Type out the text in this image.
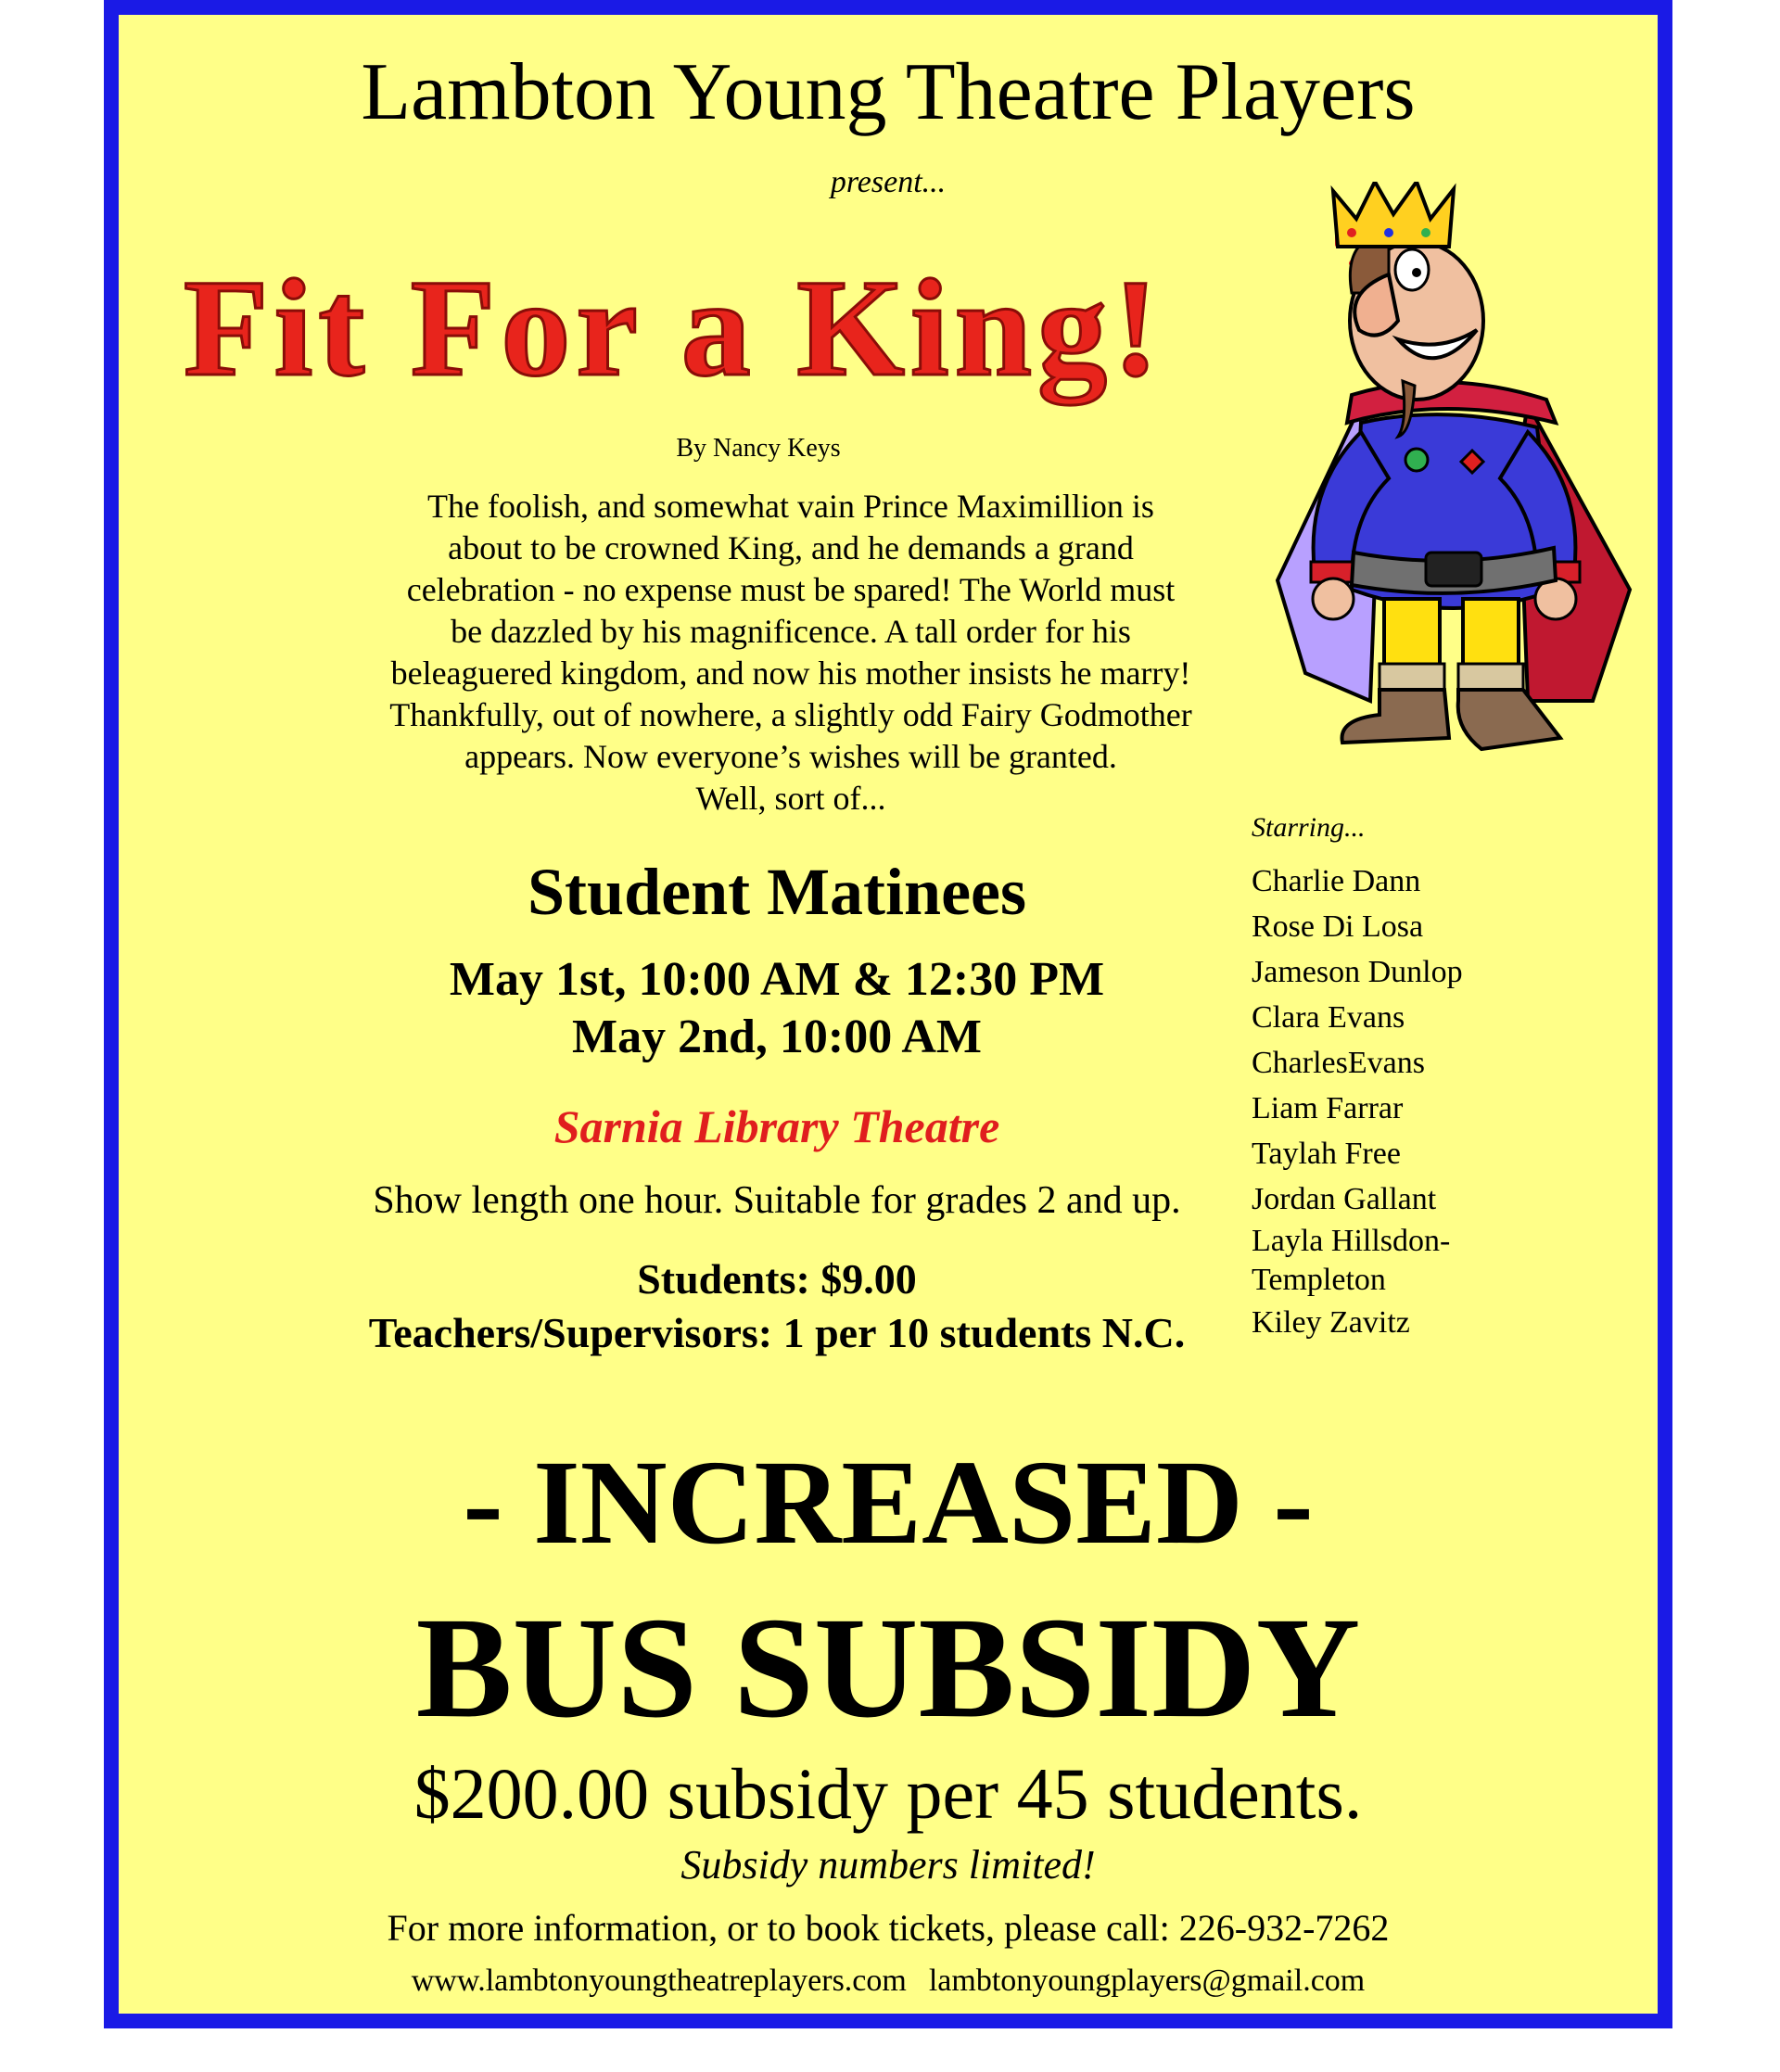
Lambton Young Theatre Players
present...
Fit For a King!
By Nancy Keys
The foolish, and somewhat vain Prince Maximillion is
about to be crowned King, and he demands a grand
celebration - no expense must be spared! The World must
be dazzled by his magnificence. A tall order for his
beleaguered kingdom, and now his mother insists he marry!
Thankfully, out of nowhere, a slightly odd Fairy Godmother
appears. Now everyone’s wishes will be granted.
Well, sort of...
Student Matinees
May 1st, 10:00 AM & 12:30 PM
May 2nd, 10:00 AM
Sarnia Library Theatre
Show length one hour. Suitable for grades 2 and up.
Students: $9.00
Teachers/Supervisors: 1 per 10 students N.C.
Starring...
Charlie Dann
Rose Di Losa
Jameson Dunlop
Clara Evans
CharlesEvans
Liam Farrar
Taylah Free
Jordan Gallant
Layla Hillsdon-
Templeton
Kiley Zavitz
- INCREASED -
BUS SUBSIDY
$200.00 subsidy per 45 students.
Subsidy numbers limited!
For more information, or to book tickets, please call: 226-932-7262
www.lambtonyoungtheatreplayers.com lambtonyoungplayers@gmail.com
